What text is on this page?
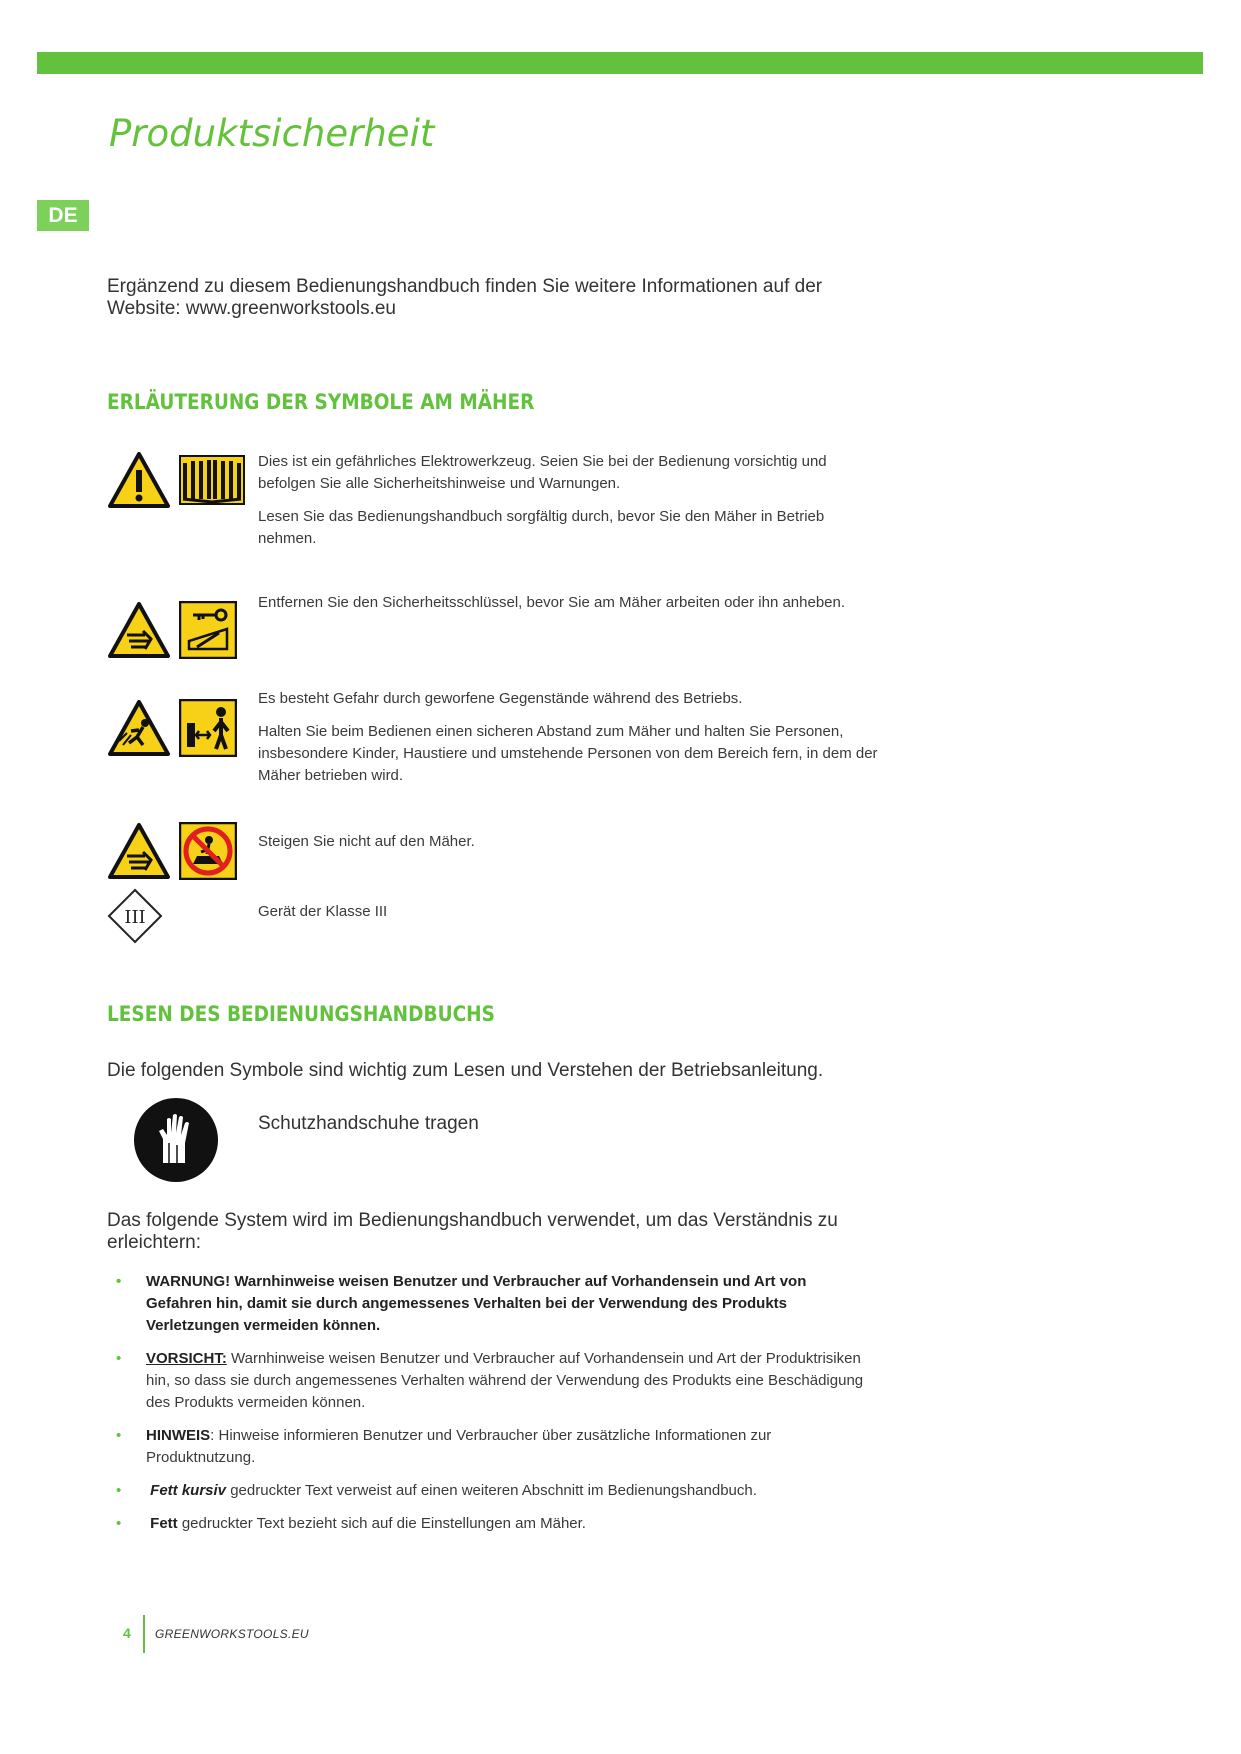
Produktsicherheit
DE

Ergänzend zu diesem Bedienungshandbuch finden Sie weitere Informationen auf der Website: www.greenworkstools.eu

ERLÄUTERUNG DER SYMBOLE AM MÄHER

Dies ist ein gefährliches Elektrowerkzeug. Seien Sie bei der Bedienung vorsichtig und befolgen Sie alle Sicherheitshinweise und Warnungen.

Lesen Sie das Bedienungshandbuch sorgfältig durch, bevor Sie den Mäher in Betrieb nehmen.

Entfernen Sie den Sicherheitsschlüssel, bevor Sie am Mäher arbeiten oder ihn anheben.

Es besteht Gefahr durch geworfene Gegenstände während des Betriebs.

Halten Sie beim Bedienen einen sicheren Abstand zum Mäher und halten Sie Personen, insbesondere Kinder, Haustiere und umstehende Personen von dem Bereich fern, in dem der Mäher betrieben wird.

Steigen Sie nicht auf den Mäher.

Gerät der Klasse III

III
LESEN DES BEDIENUNGSHANDBUCHS

Die folgenden Symbole sind wichtig zum Lesen und Verstehen der Betriebsanleitung.

Schutzhandschuhe tragen

Das folgende System wird im Bedienungshandbuch verwendet, um das Verständnis zu erleichtern:

• WARNUNG! Warnhinweise weisen Benutzer und Verbraucher auf Vorhandensein und Art von Gefahren hin, damit sie durch angemessenes Verhalten bei der Verwendung des Produkts Verletzungen vermeiden können.
• VORSICHT: Warnhinweise weisen Benutzer und Verbraucher auf Vorhandensein und Art der Produktrisiken hin, so dass sie durch angemessenes Verhalten während der Verwendung des Produkts eine Beschädigung des Produkts vermeiden können.
• HINWEIS: Hinweise informieren Benutzer und Verbraucher über zusätzliche Informationen zur Produktnutzung.
• Fett kursiv gedruckter Text verweist auf einen weiteren Abschnitt im Bedienungshandbuch.
• Fett gedruckter Text bezieht sich auf die Einstellungen am Mäher.
4 GREENWORKSTOOLS.EU
